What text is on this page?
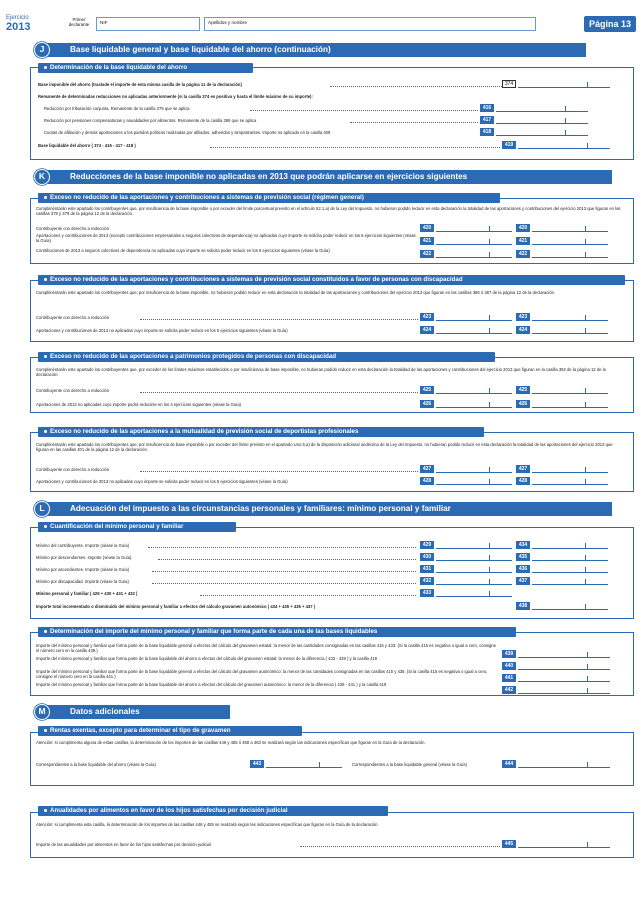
Ejercicio
2013
Primer declarante	NIF	Apellidos y nombre	Página 13
Base liquidable general y base liquidable del ahorro (continuación)
J
Determinación de la base liquidable del ahorro
Base imponible del ahorro (traslade el importe de esta misma casilla de la página 11 de la declaración)	374
Remanente de determinadas reducciones no aplicadas anteriormente (si la casilla 374 es positiva y hasta el límite máximo de su importe):
Reducción por tributación conjunta. Remanente de la casilla 379 que se aplica	416
Reducción por pensiones compensatorias y anualidades por alimentos. Remanente de la casilla 398 que se aplica	417
Cuotas de afiliación y demás aportaciones a los partidos políticos realizadas por afiliados, adheridos y simpatizantes. Importe no aplicado en la casilla 409	418
Base liquidable del ahorro ( 374 - 416 - 417 - 418 )	419
Reducciones de la base imponible no aplicadas en 2013 que podrán aplicarse en ejercicios siguientes
K
Exceso no reducido de las aportaciones y contribuciones a sistemas de previsión social (régimen general)
Cumpliméntarán este apartado los contribuyentes que, por insuficiencia de la base imponible o por exceder del límite porcentual previsto en el artículo 52.1.a) de la Ley del Impuesto, no hubieran podido reducir en esta declaración la totalidad de las aportaciones y contribuciones del ejercicio 2013 que figuran en las casillas 378 y 379 de la página 12 de la declaración.
Contribuyente con derecho a reducción	420	420
Aportaciones y contribuciones de 2013 (excepto contribuciones empresariales a seguros colectivos de dependencia) no aplicadas cuyo importe se solicita poder reducir en los 5 ejercicios siguientes (véase la Guía)	421	421
Contribuciones de 2013 a seguros colectivos de dependencia no aplicadas cuyo importe se solicita poder reducir en los 5 ejercicios siguientes (véase la Guía)
422	422
Exceso no reducido de las aportaciones y contribuciones a sistemas de previsión social constituidos a favor de personas con discapacidad
Cumpliméntarán este apartado los contribuyentes que, por insuficiencia de la base imponible, no hubieran podido reducir en esta declaración la totalidad de las aportaciones y contribuciones del ejercicio 2013 que figuran en las casillas 386 ó 387 de la página 12 de la declaración.
Contribuyente con derecho a reducción	423	423
Aportaciones y contribuciones de 2013 no aplicadas cuyo importe se solicita poder reducir en los 5 ejercicios siguientes (véase la Guía)	424	424
Exceso no reducido de las aportaciones a patrimonios protegidos de personas con discapacidad
Cumpliméntarán este apartado los contribuyentes que, por exceder de los límites máximos establecidos o por insuficiencia de base imponible, no hubieran podido reducir en esta declaración la totalidad de las aportaciones y contribuciones del ejercicio 2013 que figuran en la casilla 392 de la página 12 de la declaración.
Contribuyente con derecho a reducción	425	425
Aportaciones de 2013 no aplicadas cuyo importe podrá reducirse en los 4 ejercicios siguientes (véase la Guía)	426	426
Exceso no reducido de las aportaciones a la mutualidad de previsión social de deportistas profesionales
Cumpliméntarán este apartado los contribuyentes que, por insuficiencia de base imponible o por exceder del límite previsto en el apartado Uno.5.a) de la disposición adicional undécima de la Ley del Impuesto, no hubieran podido reducir en esta declaración la totalidad de las aportaciones del ejercicio 2013 que figuran en las casillas 401 de la página 12 de la declaración.
Contribuyente con derecho a reducción	427	427
Aportaciones y contribuciones de 2013 no aplicadas cuyo importe se solicita poder reducir en los 5 ejercicios siguientes (véase la Guía)	428	428
Adecuación del impuesto a las circunstancias personales y familiares: mínimo personal y familiar
L
Cuantificación del mínimo personal y familiar
Mínimo del contribuyente. Importe (véase la Guía)	429	434
Mínimo por descendientes. Importe (véase la Guía)	430	435
Mínimo por ascendientes. Importe (véase la Guía)	431	436
Mínimo por discapacidad. Importe (véase la Guía)	432	437
Mínimo personal y familiar ( 429 + 430 + 431 + 432 )	433
Importe total incrementado o disminuido del mínimo personal y familiar a efectos del cálculo gravamen autonómico ( 434 + 435 + 436 + 437 )	438
Determinación del importe del mínimo personal y familiar que forma parte de cada una de las bases liquidables
Importe del mínimo personal y familiar que forma parte de la base liquidable general a efectos del cálculo del gravamen estatal: la menor de las cantidades consignadas en las casillas 415 y 433. (Si la casilla 415 es negativa o igual a cero, consigne el número cero en la casilla 439.)
439
Importe del mínimo personal y familiar que forma parte de la base liquidable del ahorro a efectos del cálculo del gravamen estatal: la menor de la diferencia ( 433 - 439 ) y la casilla 419
440
Importe del mínimo personal y familiar que forma parte de la base liquidable general a efectos del cálculo del gravamen autonómico: la menor de las cantidades consignadas en las casillas 415 y 438. (Si la casilla 415 es negativa o igual a cero, consigne el número cero en la casilla 441.)	441
Importe del mínimo personal y familiar que forma parte de la base liquidable del ahorro a efectos del cálculo del gravamen autonómico: la menor de la diferencia ( 438 - 441 ) y la casilla 419
442
Datos adicionales
M
Rentas exentas, excepto para determinar el tipo de gravamen
Atención: si cumplimenta alguna de estas casillas, la determinación de los importes de las casillas 446 y 455 ó 458 a 463 se realizará según las indicaciones específicas que figuran en la Guía de la declaración.
Correspondientes a la base liquidable del ahorro (véase la Guía)	443	Correspondientes a la base liquidable general (véase la Guía)	444
Anualidades por alimentos en favor de los hijos satisfechas por decisión judicial
Atención: si cumplimenta esta casilla, la determinación de los importes de las casillas 446 y 455 se realizará según las indicaciones específicas que figuran en la Guía de la declaración.
Importe de las anualidades por alimentos en favor de los hijos satisfechas por decisión judicial	445
